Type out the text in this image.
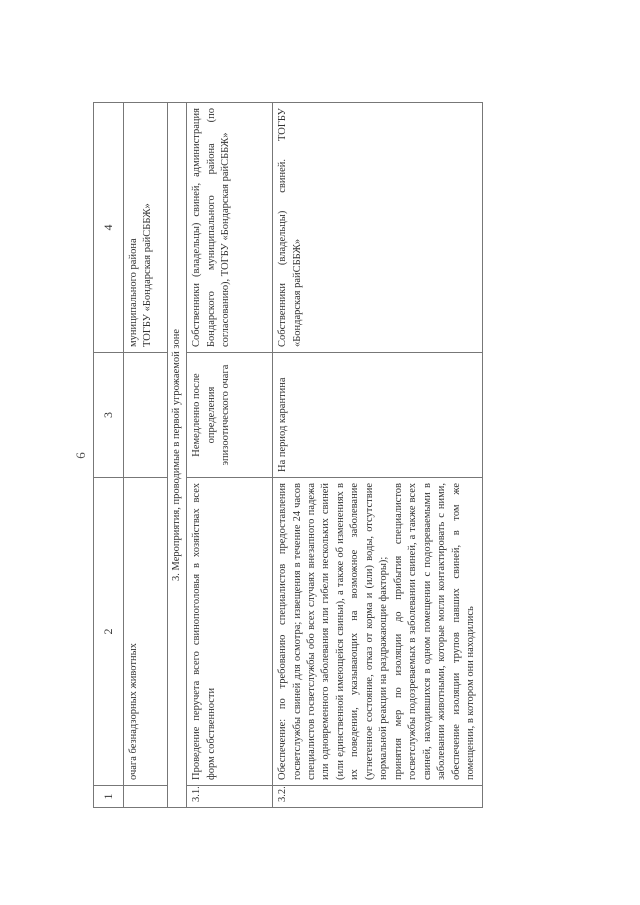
6
1	2	3	4
	очага безнадзорных животных		муниципального района
ТОГБУ «Бондарская райСББЖ»
3. Мероприятия, проводимые в первой угрожаемой зоне			
3.1.	Проведение перучета всего свинопоголовья в хозяйствах всех форм собственности	Немедленно после определения эпизоотического очага	Собственники (владельцы) свиней, администрация Бондарского муниципального района (по согласованию), ТОГБУ «Бондарская райСББЖ»
3.2.	Обеспечение: по требованию специалистов предоставления госветслужбы свиней для осмотра; извещения в течение 24 часов специалистов госветслужбы обо всех случаях внезапного падежа или одновременного заболевания или гибели нескольких свиней (или единственной имеющейся свиньи), а также об изменениях в их поведении, указывающих на возможное заболевание (угнетенное состояние, отказ от корма и (или) воды, отсутствие нормальной реакции на раздражающие факторы); принятия мер по изоляции до прибытия специалистов госветслужбы подозреваемых в заболевании свиней, а также всех свиней, находившихся в одном помещении с подозреваемыми в заболевании животными, которые могли контактировать с ними, обеспечение изоляции трупов павших свиней, в том же помещении, в котором они находились	На период карантина	Собственники (владельцы) свиней. ТОГБУ «Бондарская райСББЖ»
